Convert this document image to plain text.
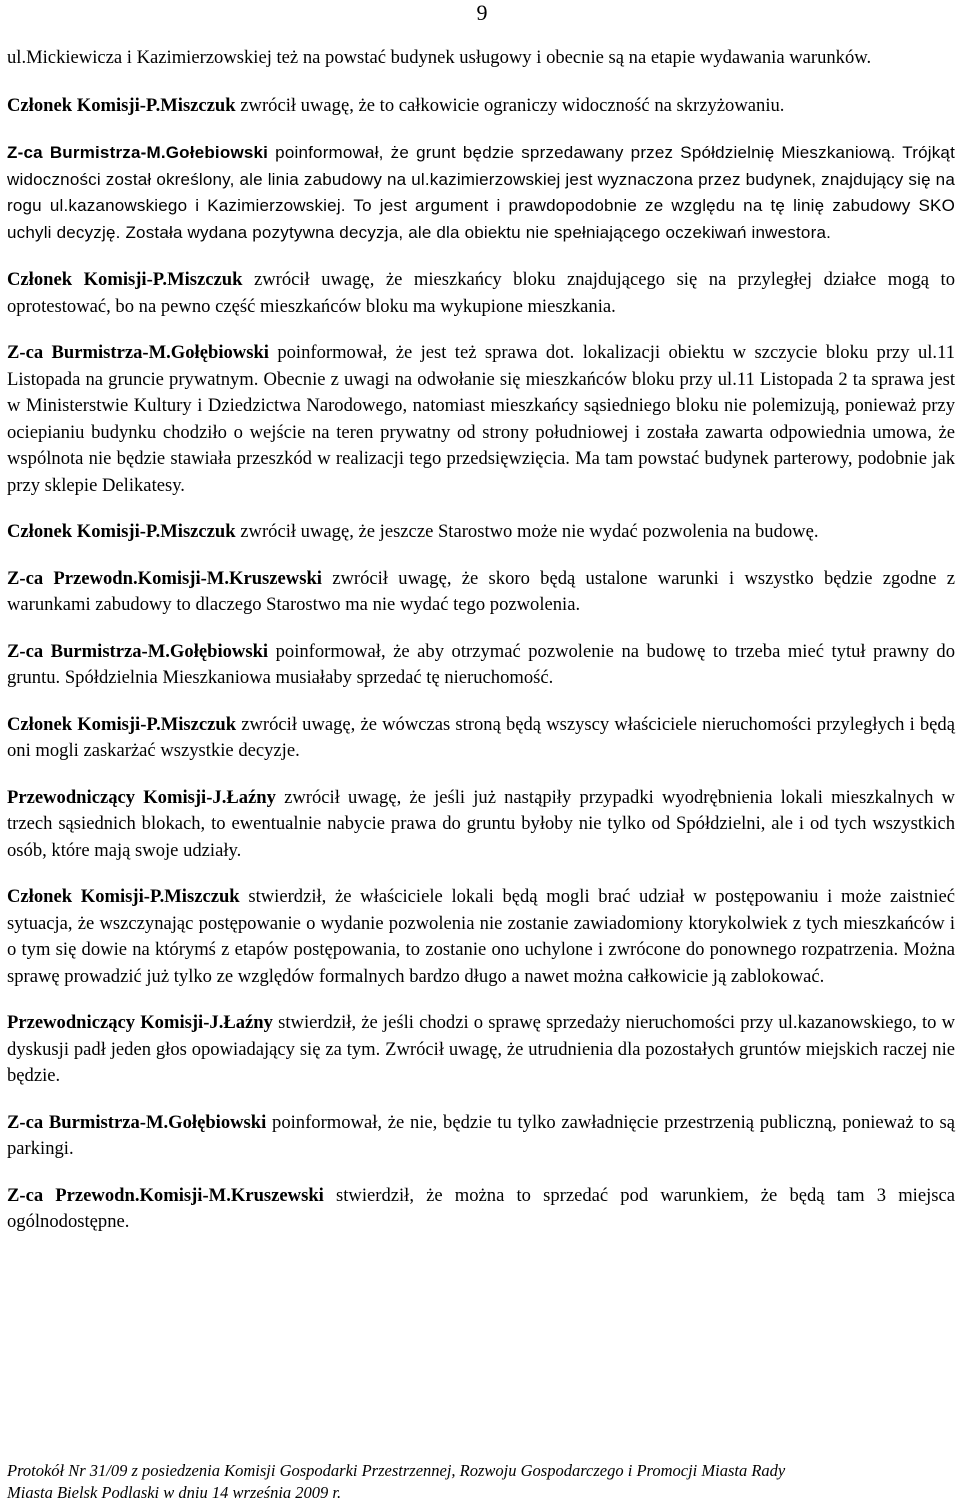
9

ul.Mickiewicza i Kazimierzowskiej też na powstać budynek usługowy i obecnie są na etapie wydawania warunków.

Członek Komisji-P.Miszczuk zwrócił uwagę, że to całkowicie ograniczy widoczność na skrzyżowaniu.

Z-ca Burmistrza-M.Gołebiowski poinformował, że grunt będzie sprzedawany przez Spółdzielnię Mieszkaniową. Trójkąt widoczności został określony, ale linia zabudowy na ul.kazimierzowskiej jest wyznaczona przez budynek, znajdujący się na rogu ul.kazanowskiego i Kazimierzowskiej. To jest argument i prawdopodobnie ze względu na tę linię zabudowy SKO uchyli decyzję. Została wydana pozytywna decyzja, ale dla obiektu nie spełniającego oczekiwań inwestora.

Członek Komisji-P.Miszczuk zwrócił uwagę, że mieszkańcy bloku znajdującego się na przyległej działce mogą to oprotestować, bo na pewno część mieszkańców bloku ma wykupione mieszkania.

Z-ca Burmistrza-M.Gołębiowski poinformował, że jest też sprawa dot. lokalizacji obiektu w szczycie bloku przy ul.11 Listopada na gruncie prywatnym. Obecnie z uwagi na odwołanie się mieszkańców bloku przy ul.11 Listopada 2 ta sprawa jest w Ministerstwie Kultury i Dziedzictwa Narodowego, natomiast mieszkańcy sąsiedniego bloku nie polemizują, ponieważ przy ociepianiu budynku chodziło o wejście na teren prywatny od strony południowej i została zawarta odpowiednia umowa, że wspólnota nie będzie stawiała przeszkód w realizacji tego przedsięwzięcia. Ma tam powstać budynek parterowy, podobnie jak przy sklepie Delikatesy.

Członek Komisji-P.Miszczuk zwrócił uwagę, że jeszcze Starostwo może nie wydać pozwolenia na budowę.

Z-ca Przewodn.Komisji-M.Kruszewski zwrócił uwagę, że skoro będą ustalone warunki i wszystko będzie zgodne z warunkami zabudowy to dlaczego Starostwo ma nie wydać tego pozwolenia.

Z-ca Burmistrza-M.Gołębiowski poinformował, że aby otrzymać pozwolenie na budowę to trzeba mieć tytuł prawny do gruntu. Spółdzielnia Mieszkaniowa musiałaby sprzedać tę nieruchomość.

Członek Komisji-P.Miszczuk zwrócił uwagę, że wówczas stroną będą wszyscy właściciele nieruchomości przyległych i będą oni mogli zaskarżać wszystkie decyzje.

Przewodniczący Komisji-J.Łaźny zwrócił uwagę, że jeśli już nastąpiły przypadki wyodrębnienia lokali mieszkalnych w trzech sąsiednich blokach, to ewentualnie nabycie prawa do gruntu byłoby nie tylko od Spółdzielni, ale i od tych wszystkich osób, które mają swoje udziały.

Członek Komisji-P.Miszczuk stwierdził, że właściciele lokali będą mogli brać udział w postępowaniu i może zaistnieć sytuacja, że wszczynając postępowanie o wydanie pozwolenia nie zostanie zawiadomiony ktorykolwiek z tych mieszkańców i o tym się dowie na którymś z etapów postępowania, to zostanie ono uchylone i zwrócone do ponownego rozpatrzenia. Można sprawę prowadzić już tylko ze względów formalnych bardzo długo a nawet można całkowicie ją zablokować.

Przewodniczący Komisji-J.Łaźny stwierdził, że jeśli chodzi o sprawę sprzedaży nieruchomości przy ul.kazanowskiego, to w dyskusji padł jeden głos opowiadający się za tym. Zwrócił uwagę, że utrudnienia dla pozostałych gruntów miejskich raczej nie będzie.

Z-ca Burmistrza-M.Gołębiowski poinformował, że nie, będzie tu tylko zawładnięcie przestrzenią publiczną, ponieważ to są parkingi.

Z-ca Przewodn.Komisji-M.Kruszewski stwierdził, że można to sprzedać pod warunkiem, że będą tam 3 miejsca ogólnodostępne.

Protokół Nr 31/09 z posiedzenia Komisji Gospodarki Przestrzennej, Rozwoju Gospodarczego i Promocji Miasta Rady
Miasta Bielsk Podlaski w dniu 14 września 2009 r.
